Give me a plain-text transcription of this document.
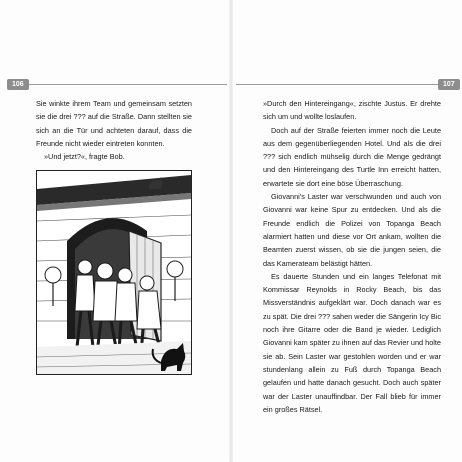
106	107

Sie winkte ihrem Team und gemeinsam setzten sie die drei ??? auf die Straße. Dann stellten sie sich an die Tür und achteten darauf, dass die Freunde nicht wieder eintreten konnten.

»Und jetzt?«, fragte Bob.

»Durch den Hintereingang«, zischte Justus. Er drehte sich um und wollte loslaufen.

Doch auf der Straße feierten immer noch die Leute aus dem gegenüberliegenden Hotel. Und als die drei ??? sich endlich mühselig durch die Menge gedrängt und den Hintereingang des Turtle Inn erreicht hatten, erwartete sie dort eine böse Überraschung.

Giovanni's Laster war verschwunden und auch von Giovanni war keine Spur zu entdecken. Und als die Freunde endlich die Polizei von Topanga Beach alarmiert hatten und diese vor Ort ankam, wollten die Beamten zuerst wissen, ob sie die jungen seien, die das Kamerateam belästigt hätten.

Es dauerte Stunden und ein langes Telefonat mit Kommissar Reynolds in Rocky Beach, bis das Missverständnis aufgeklärt war. Doch danach war es zu spät. Die drei ??? sahen weder die Sängerin Icy Bic noch ihre Gitarre oder die Band je wieder. Lediglich Giovanni kam später zu ihnen auf das Revier und holte sie ab. Sein Laster war gestohlen worden und er war stundenlang allein zu Fuß durch Topanga Beach gelaufen und hatte danach gesucht. Doch auch später war der Laster unauffindbar. Der Fall blieb für immer ein großes Rätsel.
